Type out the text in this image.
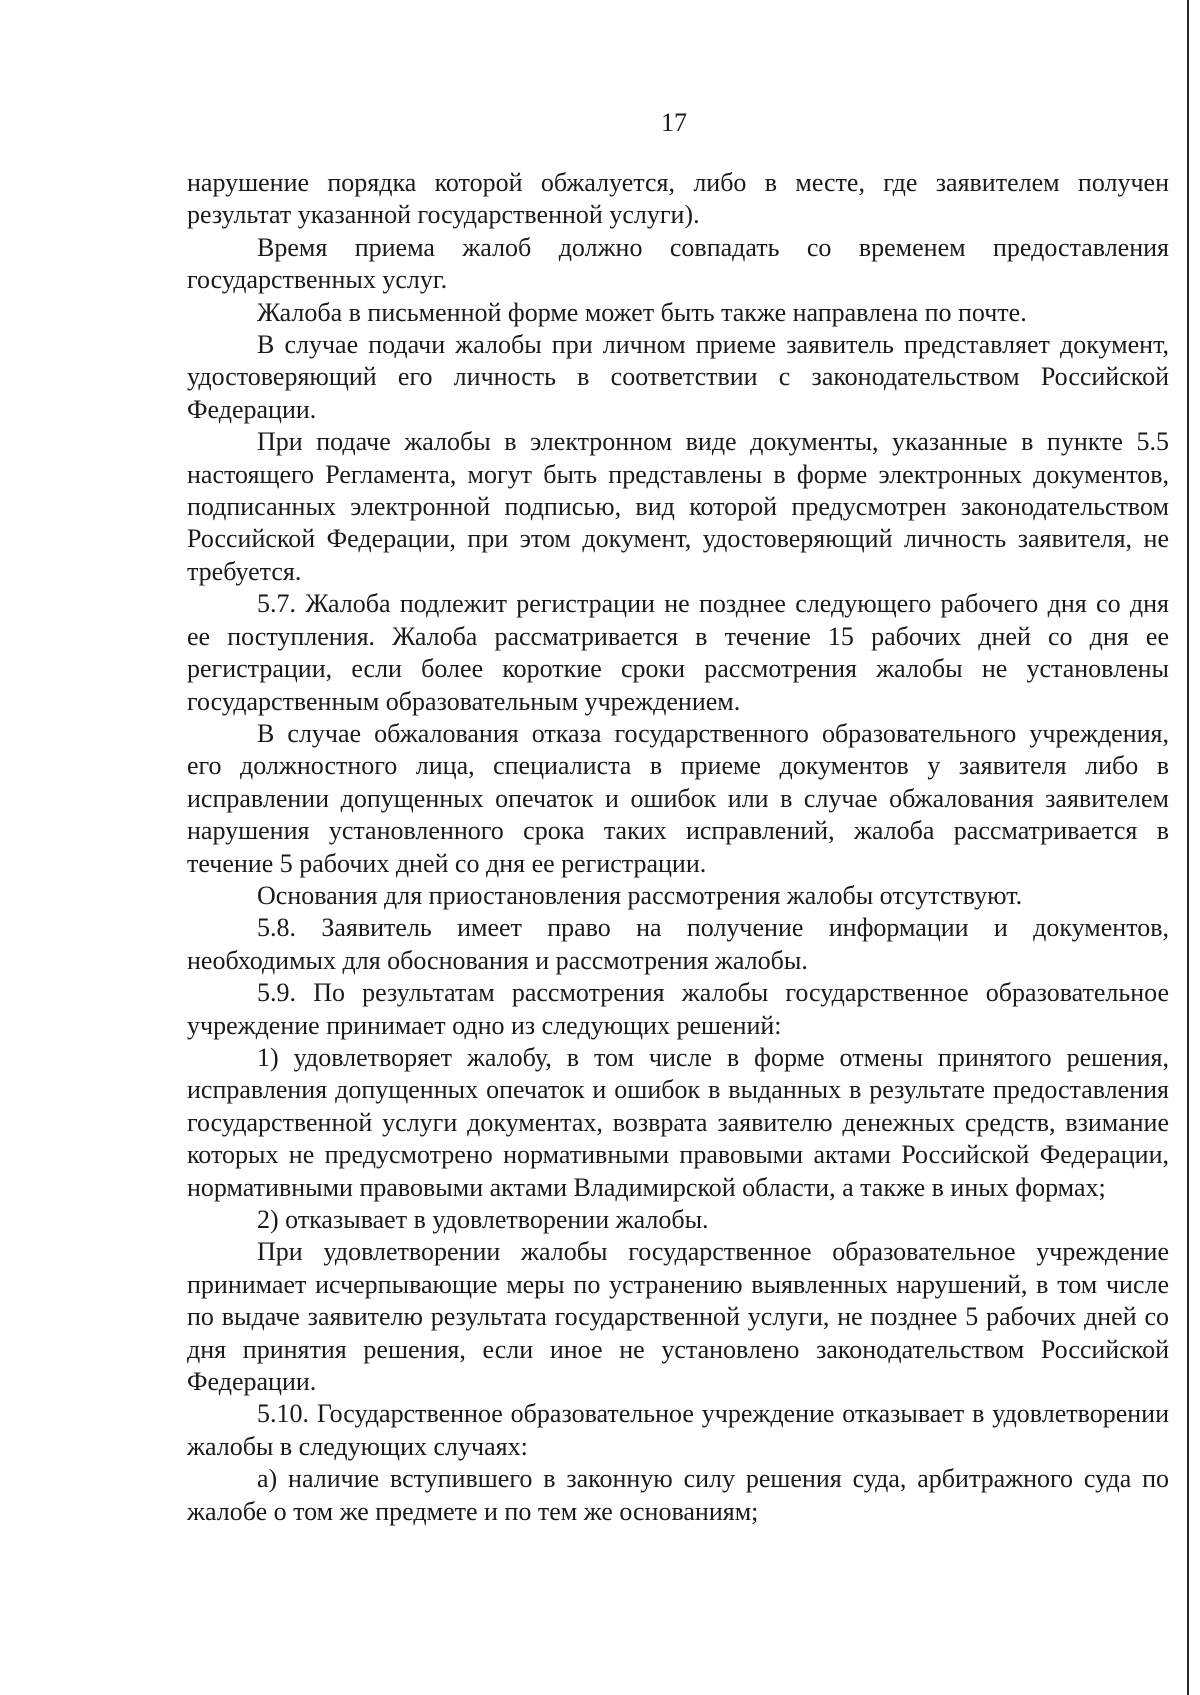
17

нарушение порядка которой обжалуется, либо в месте, где заявителем получен результат указанной государственной услуги).

Время приема жалоб должно совпадать со временем предоставления государственных услуг.

Жалоба в письменной форме может быть также направлена по почте.

В случае подачи жалобы при личном приеме заявитель представляет документ, удостоверяющий его личность в соответствии с законодательством Российской Федерации.

При подаче жалобы в электронном виде документы, указанные в пункте 5.5 настоящего Регламента, могут быть представлены в форме электронных документов, подписанных электронной подписью, вид которой предусмотрен законодательством Российской Федерации, при этом документ, удостоверяющий личность заявителя, не требуется.

5.7. Жалоба подлежит регистрации не позднее следующего рабочего дня со дня ее поступления. Жалоба рассматривается в течение 15 рабочих дней со дня ее регистрации, если более короткие сроки рассмотрения жалобы не установлены государственным образовательным учреждением.

В случае обжалования отказа государственного образовательного учреждения, его должностного лица, специалиста в приеме документов у заявителя либо в исправлении допущенных опечаток и ошибок или в случае обжалования заявителем нарушения установленного срока таких исправлений, жалоба рассматривается в течение 5 рабочих дней со дня ее регистрации.

Основания для приостановления рассмотрения жалобы отсутствуют.

5.8. Заявитель имеет право на получение информации и документов, необходимых для обоснования и рассмотрения жалобы.

5.9. По результатам рассмотрения жалобы государственное образовательное учреждение принимает одно из следующих решений:

1) удовлетворяет жалобу, в том числе в форме отмены принятого решения, исправления допущенных опечаток и ошибок в выданных в результате предоставления государственной услуги документах, возврата заявителю денежных средств, взимание которых не предусмотрено нормативными правовыми актами Российской Федерации, нормативными правовыми актами Владимирской области, а также в иных формах;

2) отказывает в удовлетворении жалобы.

При удовлетворении жалобы государственное образовательное учреждение принимает исчерпывающие меры по устранению выявленных нарушений, в том числе по выдаче заявителю результата государственной услуги, не позднее 5 рабочих дней со дня принятия решения, если иное не установлено законодательством Российской Федерации.

5.10. Государственное образовательное учреждение отказывает в удовлетворении жалобы в следующих случаях:

а) наличие вступившего в законную силу решения суда, арбитражного суда по жалобе о том же предмете и по тем же основаниям;
